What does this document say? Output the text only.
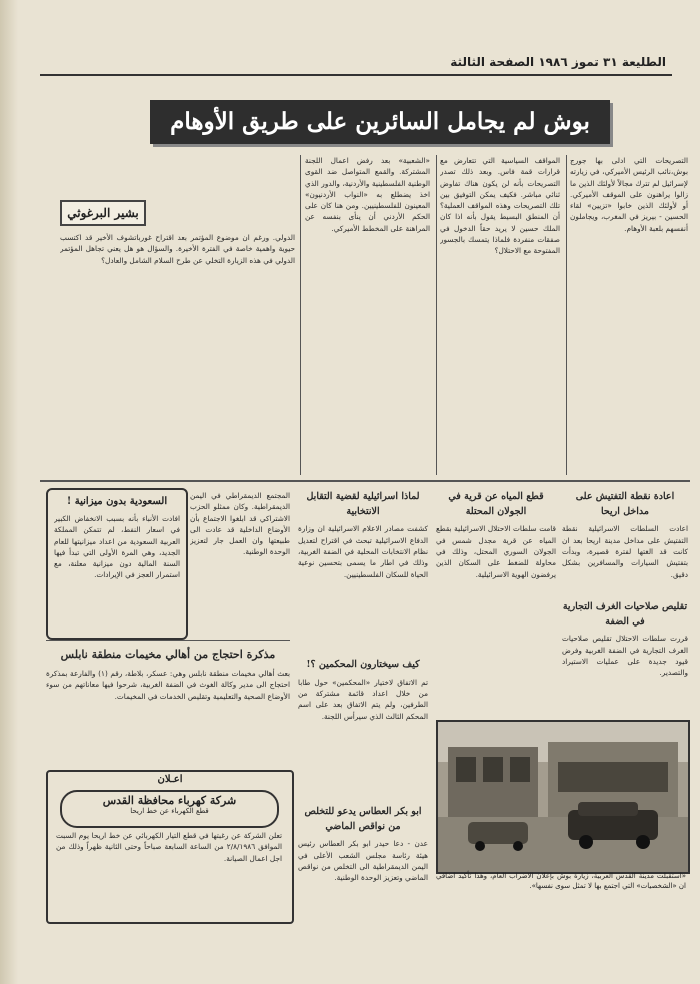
الطليعة ٣١ تموز ١٩٨٦ الصفحة الثالثة
بوش لم يجامل السائرين على طريق الأوهام

التصريحات التي ادلى بها جورج بوش،نائب الرئيس الأميركي، في زيارته لإسرائيل لم تترك مجالاً لأولئك الذين ما زالوا يراهنون على الموقف الأميركي. أو لأولئك الذين خابوا «تزيين» لقاء الحسين - بيريز في المغرب، ويجاملون أنفسهم بلعبة الأوهام.

المواقف السياسية التي تتعارض مع قرارات قمة فاس. وبعد ذلك تصدر التصريحات بأنه لن يكون هناك تفاوض ثنائي مباشر. فكيف يمكن التوفيق بين تلك التصريحات وهذه المواقف العملية؟ أن المنطق البسيط يقول بأنه اذا كان الملك حسين لا يريد حقاً الدخول في صفقات منفردة فلماذا يتمسك بالجسور المفتوحة مع الاحتلال؟

«الشعبية» بعد رفض اعمال اللجنة المشتركة. والقمع المتواصل ضد القوى الوطنية الفلسطينية والأردنية، والدور الذي اخذ يضطلع به «النواب الأردنيون» المعينون للفلسطينيين. ومن هنا كان على الحكم الأردني أن ينأى بنفسه عن المراهنة على المخطط الأميركي.

الدولي. ورغم ان موضوع المؤتمر بعد اقتراح غورباتشوف الأخير قد اكتسب حيوية واهمية خاصة في الفترة الأخيرة. والسؤال هو هل يعني تجاهل المؤتمر الدولي في هذه الزيارة التخلي عن طرح السلام الشامل والعادل؟

بشير البرغوثي
السعودية بدون ميزانية !
افادت الأنباء بأنه بسبب الانخفاض الكبير في اسعار النفط، لم تتمكن المملكة العربية السعودية من اعداد ميزانيتها للعام الجديد، وهي المرة الأولى التي تبدأ فيها السنة المالية دون ميزانية معلنة، مع استمرار العجز في الإيرادات.

المجتمع الديمقراطي في اليمن الديمقراطية. وكان ممثلو الحزب الاشتراكي قد ابلغوا الاجتماع بأن الأوضاع الداخلية قد عادت الى طبيعتها وان العمل جار لتعزيز الوحدة الوطنية.

لماذا اسرائيلية لقضية التقابل الانتخابية

كشفت مصادر الاعلام الاسرائيلية ان وزارة الدفاع الاسرائيلية تبحث في اقتراح لتعديل نظام الانتخابات المحلية في الضفة الغربية، وذلك في اطار ما يسمى بتحسين نوعية الحياة للسكان الفلسطينيين.

قطع المياه عن قرية في الجولان المحتلة

قامت سلطات الاحتلال الاسرائيلية بقطع المياه عن قرية مجدل شمس في الجولان السوري المحتل، وذلك في محاولة للضغط على السكان الذين يرفضون الهوية الاسرائيلية.

اعادة نقطة التفتيش على مداخل اريحا

اعادت السلطات الاسرائيلية نقطة التفتيش على مداخل مدينة اريحا بعد ان كانت قد الغتها لفترة قصيرة، وبدأت بتفتيش السيارات والمسافرين بشكل دقيق.

تقليص صلاحيات الغرف التجارية في الضفة

قررت سلطات الاحتلال تقليص صلاحيات الغرف التجارية في الضفة الغربية وفرض قيود جديدة على عمليات الاستيراد والتصدير.

مذكرة احتجاج من أهالي مخيمات منطقة نابلس

بعث أهالي مخيمات منطقة نابلس وهي: عسكر، بلاطة، رقم (١) والفارعة بمذكرة احتجاج الى مدير وكالة الغوث في الضفة الغربية، شرحوا فيها معاناتهم من سوء الأوضاع الصحية والتعليمية وتقليص الخدمات في المخيمات.

كيف سيختارون المحكمين ؟!

تم الاتفاق لاختيار «المحكمين» حول طابا من خلال اعداد قائمة مشتركة من الطرفين، ولم يتم الاتفاق بعد على اسم المحكم الثالث الذي سيرأس اللجنة.

ابو بكر العطاس يدعو للتخلص من نواقص الماضي

عدن - دعا حيدر ابو بكر العطاس رئيس هيئة رئاسة مجلس الشعب الأعلى في اليمن الديمقراطية الى التخلص من نواقص الماضي وتعزيز الوحدة الوطنية.

اعـلان
شركة كهرباء محافظة القدس
قطع الكهرباء عن خط اريحا

تعلن الشركة عن رغبتها في قطع التيار الكهربائي عن خط اريحا يوم السبت الموافق ٢/٨/١٩٨٦ من الساعة السابعة صباحاً وحتى الثانية ظهراً وذلك من اجل اعمال الصيانة.

«استقبلت مدينة القدس العربية، زيارة بوش بإعلان الاضراب العام، وهذا تأكيد اضافي ان «الشخصيات» التي اجتمع بها لا تمثل سوى نفسها».
